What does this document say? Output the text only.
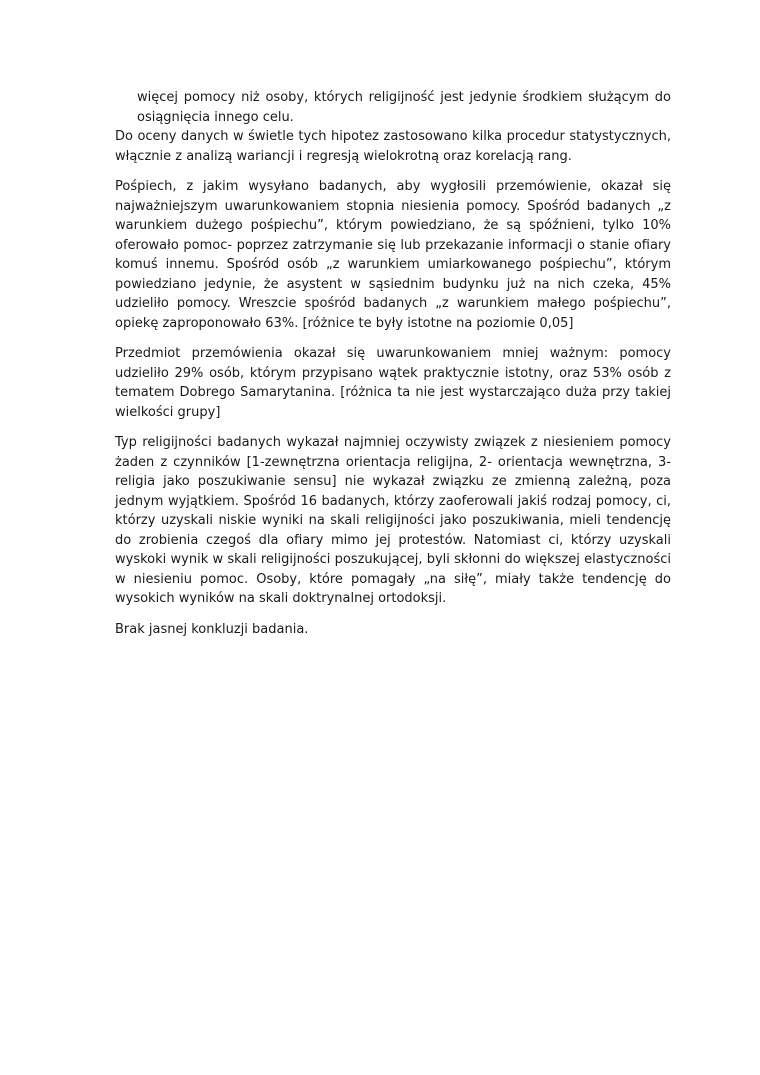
więcej pomocy niż osoby, których religijność jest jedynie środkiem służącym do osiągnięcia innego celu.

Do oceny danych w świetle tych hipotez zastosowano kilka procedur statystycznych, włącznie z analizą wariancji i regresją wielokrotną oraz korelacją rang.

Pośpiech, z jakim wysyłano badanych, aby wygłosili przemówienie, okazał się najważniejszym uwarunkowaniem stopnia niesienia pomocy. Spośród badanych „z warunkiem dużego pośpiechu”, którym powiedziano, że są spóźnieni, tylko 10% oferowało pomoc- poprzez zatrzymanie się lub przekazanie informacji o stanie ofiary komuś innemu. Spośród osób „z warunkiem umiarkowanego pośpiechu”, którym powiedziano jedynie, że asystent w sąsiednim budynku już na nich czeka, 45% udzieliło pomocy. Wreszcie spośród badanych „z warunkiem małego pośpiechu”, opiekę zaproponowało 63%. [różnice te były istotne na poziomie 0,05]

Przedmiot przemówienia okazał się uwarunkowaniem mniej ważnym: pomocy udzieliło 29% osób, którym przypisano wątek praktycznie istotny, oraz 53% osób z tematem Dobrego Samarytanina. [różnica ta nie jest wystarczająco duża przy takiej wielkości grupy]

Typ religijności badanych wykazał najmniej oczywisty związek z niesieniem pomocy żaden z czynników [1-zewnętrzna orientacja religijna, 2- orientacja wewnętrzna, 3- religia jako poszukiwanie sensu] nie wykazał związku ze zmienną zależną, poza jednym wyjątkiem. Spośród 16 badanych, którzy zaoferowali jakiś rodzaj pomocy, ci, którzy uzyskali niskie wyniki na skali religijności jako poszukiwania, mieli tendencję do zrobienia czegoś dla ofiary mimo jej protestów. Natomiast ci, którzy uzyskali wyskoki wynik w skali religijności poszukującej, byli skłonni do większej elastyczności w niesieniu pomoc. Osoby, które pomagały „na siłę”, miały także tendencję do wysokich wyników na skali doktrynalnej ortodoksji.

Brak jasnej konkluzji badania.
